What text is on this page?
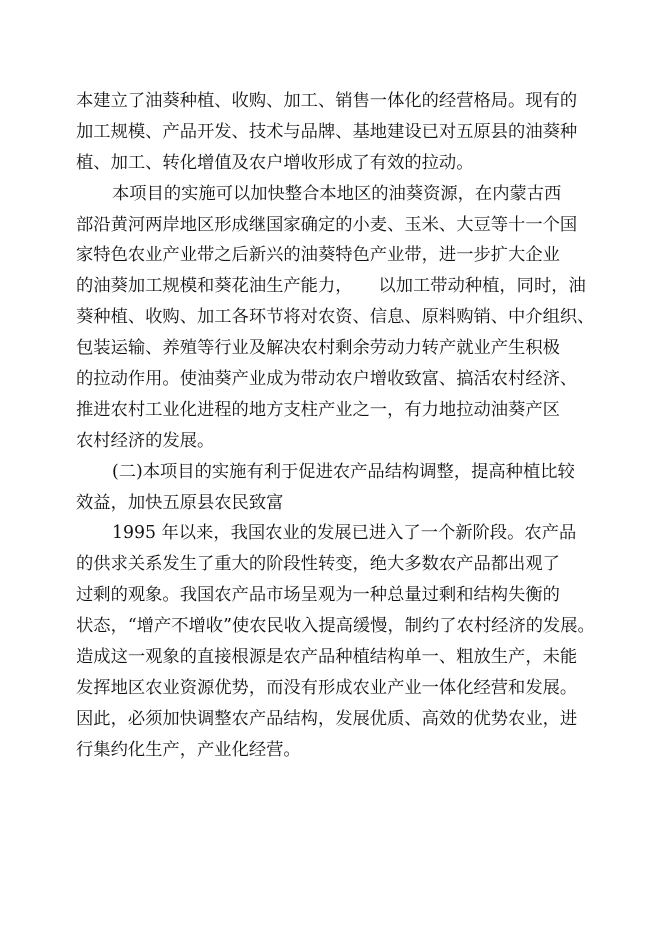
本建立了油葵种植、收购、加工、销售一体化的经营格局。现有的
加工规模、产品开发、技术与品牌、基地建设已对五原县的油葵种
植、加工、转化增值及农户增收形成了有效的拉动。
本项目的实施可以加快整合本地区的油葵资源，在内蒙古西
部沿黄河两岸地区形成继国家确定的小麦、玉米、大豆等十一个国
家特色农业产业带之后新兴的油葵特色产业带，进一步扩大企业
的油葵加工规模和葵花油生产能力，　　以加工带动种植，同时，油
葵种植、收购、加工各环节将对农资、信息、原料购销、中介组织、
包装运输、养殖等行业及解决农村剩余劳动力转产就业产生积极
的拉动作用。使油葵产业成为带动农户增收致富、搞活农村经济、
推进农村工业化进程的地方支柱产业之一，有力地拉动油葵产区
农村经济的发展。
(二)本项目的实施有利于促进农产品结构调整，提高种植比较
效益，加快五原县农民致富
1995 年以来，我国农业的发展已进入了一个新阶段。农产品
的供求关系发生了重大的阶段性转变，绝大多数农产品都出观了
过剩的观象。我国农产品市场呈观为一种总量过剩和结构失衡的
状态，“增产不增收”使农民收入提高缓慢，制约了农村经济的发展。
造成这一观象的直接根源是农产品种植结构单一、粗放生产，未能
发挥地区农业资源优势，而没有形成农业产业一体化经营和发展。
因此，必须加快调整农产品结构，发展优质、高效的优势农业，进
行集约化生产，产业化经营。
